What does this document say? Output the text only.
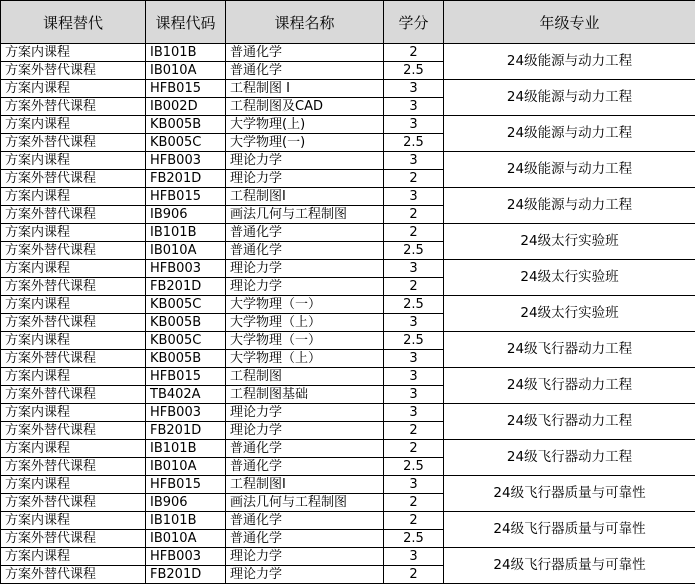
课程替代	课程代码	课程名称	学分	年级专业
方案内课程	IB101B	普通化学	2	24级能源与动力工程
方案外替代课程	IB010A	普通化学	2.5	
方案内课程	HFB015	工程制图 I	3	24级能源与动力工程
方案外替代课程	IB002D	工程制图及CAD	3	
方案内课程	KB005B	大学物理(上)	3	24级能源与动力工程
方案外替代课程	KB005C	大学物理(一)	2.5	
方案内课程	HFB003	理论力学	3	24级能源与动力工程
方案外替代课程	FB201D	理论力学	2	
方案内课程	HFB015	工程制图I	3	24级能源与动力工程
方案外替代课程	IB906	画法几何与工程制图	2	
方案内课程	IB101B	普通化学	2	24级太行实验班
方案外替代课程	IB010A	普通化学	2.5	
方案内课程	HFB003	理论力学	3	24级太行实验班
方案外替代课程	FB201D	理论力学	2	
方案内课程	KB005C	大学物理（一）	2.5	24级太行实验班
方案外替代课程	KB005B	大学物理（上）	3	
方案内课程	KB005C	大学物理（一）	2.5	24级飞行器动力工程
方案外替代课程	KB005B	大学物理（上）	3	
方案内课程	HFB015	工程制图	3	24级飞行器动力工程
方案外替代课程	TB402A	工程制图基础	3	
方案内课程	HFB003	理论力学	3	24级飞行器动力工程
方案外替代课程	FB201D	理论力学	2	
方案内课程	IB101B	普通化学	2	24级飞行器动力工程
方案外替代课程	IB010A	普通化学	2.5	
方案内课程	HFB015	工程制图I	3	24级飞行器质量与可靠性
方案外替代课程	IB906	画法几何与工程制图	2	
方案内课程	IB101B	普通化学	2	24级飞行器质量与可靠性
方案外替代课程	IB010A	普通化学	2.5	
方案内课程	HFB003	理论力学	3	24级飞行器质量与可靠性
方案外替代课程	FB201D	理论力学	2	
